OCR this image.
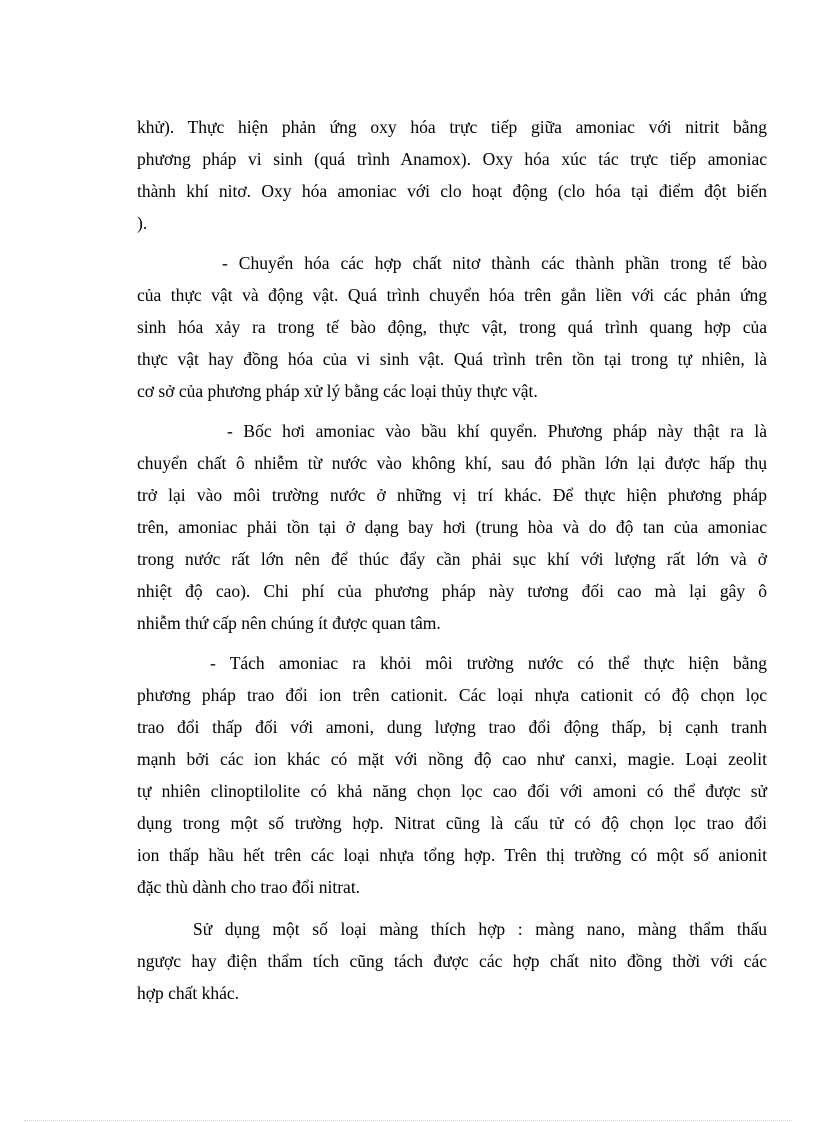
khử). Thực hiện phản ứng oxy hóa trực tiếp giữa amoniac với nitrit bằng
phương pháp vi sinh (quá trình Anamox). Oxy hóa xúc tác trực tiếp amoniac
thành khí nitơ. Oxy hóa amoniac với clo hoạt động (clo hóa tại điểm đột biến
).
- Chuyển hóa các hợp chất nitơ thành các thành phần trong tế bào
của thực vật và động vật. Quá trình chuyển hóa trên gắn liền với các phản ứng
sinh hóa xảy ra trong tế bào động, thực vật, trong quá trình quang hợp của
thực vật hay đồng hóa của vi sinh vật. Quá trình trên tồn tại trong tự nhiên, là
cơ sở của phương pháp xử lý bằng các loại thủy thực vật.
- Bốc hơi amoniac vào bầu khí quyển. Phương pháp này thật ra là
chuyển chất ô nhiễm từ nước vào không khí, sau đó phần lớn lại được hấp thụ
trở lại vào môi trường nước ở những vị trí khác. Để thực hiện phương pháp
trên, amoniac phải tồn tại ở dạng bay hơi (trung hòa và do độ tan của amoniac
trong nước rất lớn nên để thúc đẩy cần phải sục khí với lượng rất lớn và ở
nhiệt độ cao). Chi phí của phương pháp này tương đối cao mà lại gây ô
nhiễm thứ cấp nên chúng ít được quan tâm.
- Tách amoniac ra khỏi môi trường nước có thể thực hiện bằng
phương pháp trao đổi ion trên cationit. Các loại nhựa cationit có độ chọn lọc
trao đổi thấp đối với amoni, dung lượng trao đổi động thấp, bị cạnh tranh
mạnh bởi các ion khác có mặt với nồng độ cao như canxi, magie. Loại zeolit
tự nhiên clinoptilolite có khả năng chọn lọc cao đối với amoni có thể được sử
dụng trong một số trường hợp. Nitrat cũng là cấu tử có độ chọn lọc trao đổi
ion thấp hầu hết trên các loại nhựa tổng hợp. Trên thị trường có một số anionit
đặc thù dành cho trao đổi nitrat.
Sử dụng một số loại màng thích hợp : màng nano, màng thẩm thấu
ngược hay điện thẩm tích cũng tách được các hợp chất nito đồng thời với các
hợp chất khác.
